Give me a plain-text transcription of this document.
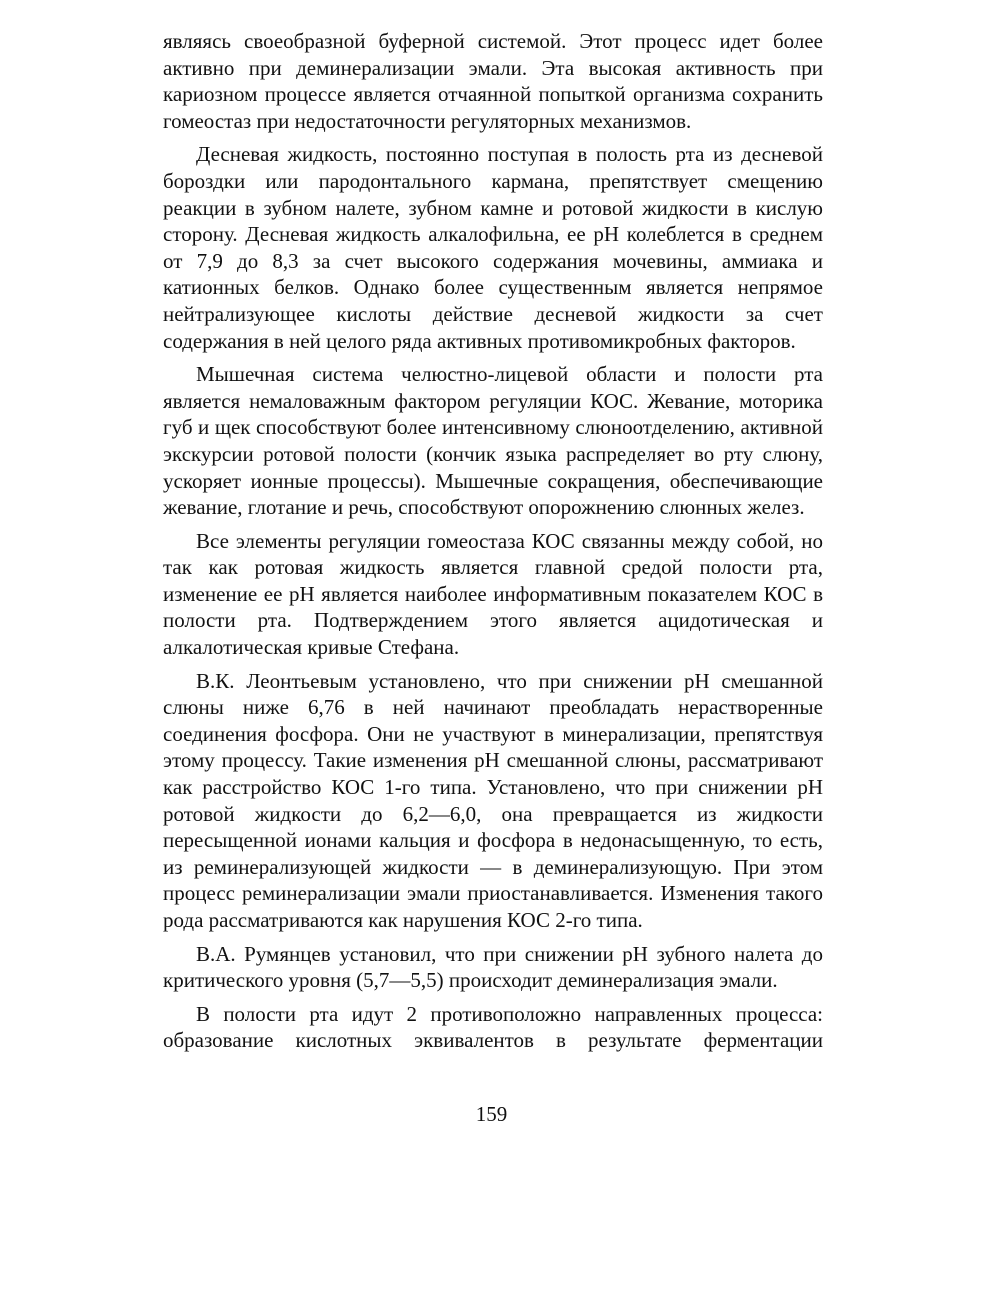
являясь своеобразной буферной системой. Этот процесс идет более активно при деминерализации эмали. Эта высокая активность при кариозном процессе является отчаянной попыткой организма сохранить гомеостаз при недостаточности регуляторных механизмов.

Десневая жидкость, постоянно поступая в полость рта из десневой бороздки или пародонтального кармана, препятствует смещению реакции в зубном налете, зубном камне и ротовой жидкости в кислую сторону. Десневая жидкость алкалофильна, ее pH колеблется в среднем от 7,9 до 8,3 за счет высокого содержания мочевины, аммиака и катионных белков. Однако более существенным является непрямое нейтрализующее кислоты действие десневой жидкости за счет содержания в ней целого ряда активных противомикробных факторов.

Мышечная система челюстно-лицевой области и полости рта является немаловажным фактором регуляции КОС. Жевание, моторика губ и щек способствуют более интенсивному слюноотделению, активной экскурсии ротовой полости (кончик языка распределяет во рту слюну, ускоряет ионные процессы). Мышечные сокращения, обеспечивающие жевание, глотание и речь, способствуют опорожнению слюнных желез.

Все элементы регуляции гомеостаза КОС связанны между собой, но так как ротовая жидкость является главной средой полости рта, изменение ее pH является наиболее информативным показателем КОС в полости рта. Подтверждением этого является ацидотическая и алкалотическая кривые Стефана.

В.К. Леонтьевым установлено, что при снижении pH смешанной слюны ниже 6,76 в ней начинают преобладать нерастворенные соединения фосфора. Они не участвуют в минерализации, препятствуя этому процессу. Такие изменения pH смешанной слюны, рассматривают как расстройство КОС 1-го типа. Установлено, что при снижении pH ротовой жидкости до 6,2—6,0, она превращается из жидкости пересыщенной ионами кальция и фосфора в недонасыщенную, то есть, из реминерализующей жидкости — в деминерализующую. При этом процесс реминерализации эмали приостанавливается. Изменения такого рода рассматриваются как нарушения КОС 2-го типа.

В.А. Румянцев установил, что при снижении pH зубного налета до критического уровня (5,7—5,5) происходит деминерализация эмали.

В полости рта идут 2 противоположно направленных процесса: образование кислотных эквивалентов в результате ферментации

159
